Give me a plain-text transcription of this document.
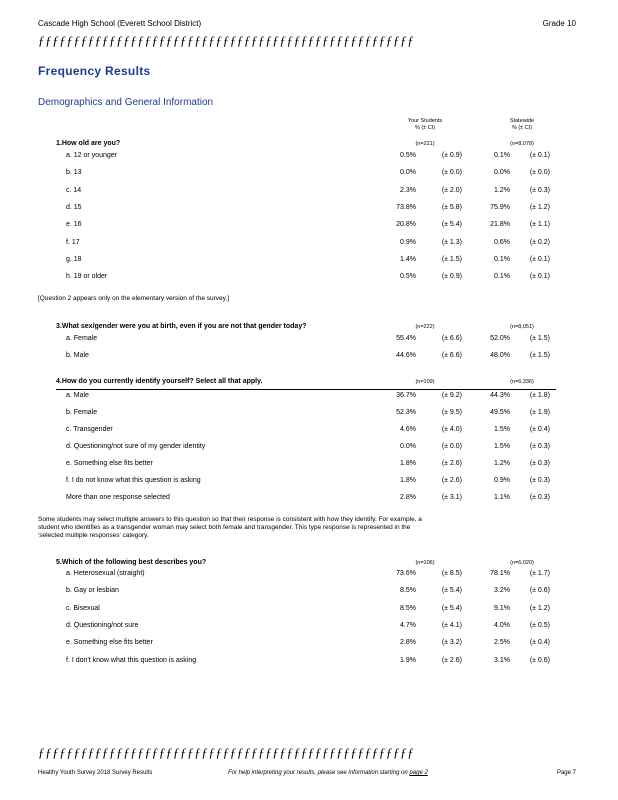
Cascade High School (Everett School District)	Grade 10
ƒƒƒƒƒƒƒƒƒƒƒƒƒƒƒƒƒƒƒƒƒƒƒƒƒƒƒƒƒƒƒƒƒƒƒƒƒƒƒƒƒƒƒƒƒƒƒƒƒƒƒƒƒ
Frequency Results
Demographics and General Information
Your Students
% (± CI)
Statewide
% (± CI)
1.How old are you?	(n=221)	(n=8,078)
a. 12 or younger	0.5%	(± 0.9)	0.1%	(± 0.1)
b. 13	0.0%	(± 0.0)	0.0%	(± 0.0)
c. 14	2.3%	(± 2.0)	1.2%	(± 0.3)
d. 15	73.8%	(± 5.8)	75.9%	(± 1.2)
e. 16	20.8%	(± 5.4)	21.8%	(± 1.1)
f. 17	0.9%	(± 1.3)	0.6%	(± 0.2)
g. 18	1.4%	(± 1.5)	0.1%	(± 0.1)
h. 19 or older	0.5%	(± 0.9)	0.1%	(± 0.1)
3.What sex/gender were you at birth, even if you are not that gender today?	(n=222)	(n=8,051)
a. Female	55.4%	(± 6.6)	52.0%	(± 1.5)
b. Male	44.6%	(± 6.6)	48.0%	(± 1.5)
4.How do you currently identify yourself? Select all that apply.	(n=109)	(n=6,336)
a. Male	36.7%	(± 9.2)	44.3%	(± 1.8)
b. Female	52.3%	(± 9.5)	49.5%	(± 1.9)
c. Transgender	4.6%	(± 4.0)	1.5%	(± 0.4)
d. Questioning/not sure of my gender identity	0.0%	(± 0.0)	1.5%	(± 0.3)
e. Something else fits better	1.8%	(± 2.6)	1.2%	(± 0.3)
f. I do not know what this question is asking	1.8%	(± 2.6)	0.9%	(± 0.3)
More than one response selected	2.8%	(± 3.1)	1.1%	(± 0.3)
5.Which of the following best describes you?	(n=106)	(n=6,020)
a. Heterosexual (straight)	73.6%	(± 8.5)	78.1%	(± 1.7)
b. Gay or lesbian	8.5%	(± 5.4)	3.2%	(± 0.6)
c. Bisexual	8.5%	(± 5.4)	9.1%	(± 1.2)
d. Questioning/not sure	4.7%	(± 4.1)	4.0%	(± 0.5)
e. Something else fits better	2.8%	(± 3.2)	2.5%	(± 0.4)
f. I don't know what this question is asking	1.9%	(± 2.6)	3.1%	(± 0.6)
[Question 2 appears only on the elementary version of the survey.]
Some students may select multiple answers to this question so that their response is consistent with how they identify. For example, a
student who identifies as a transgender woman may select both female and transgender. This type response is represented in the
'selected multiple responses' category.
ƒƒƒƒƒƒƒƒƒƒƒƒƒƒƒƒƒƒƒƒƒƒƒƒƒƒƒƒƒƒƒƒƒƒƒƒƒƒƒƒƒƒƒƒƒƒƒƒƒƒƒƒƒ
Healthy Youth Survey 2018 Survey Results	For help interpreting your results, please see information starting on page 2	Page 7
